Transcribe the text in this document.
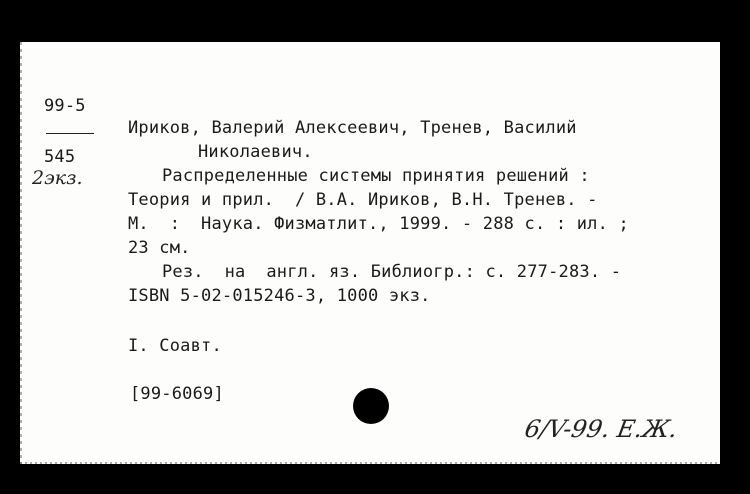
99-5
545
2экз.
Ириков, Валерий Алексеевич, Тренев, Василий
Николаевич.
Распределенные системы принятия решений :
Теория и прил.  / В.А. Ириков, В.Н. Тренев. -
М.  :  Наука. Физматлит., 1999. - 288 с. : ил. ;
23 см.
Рез.  на  англ. яз. Библиогр.: с. 277-283. -
ISBN 5-02-015246-3, 1000 экз.
I. Соавт.
[99-6069]
6/V-99. Е.Ж.
